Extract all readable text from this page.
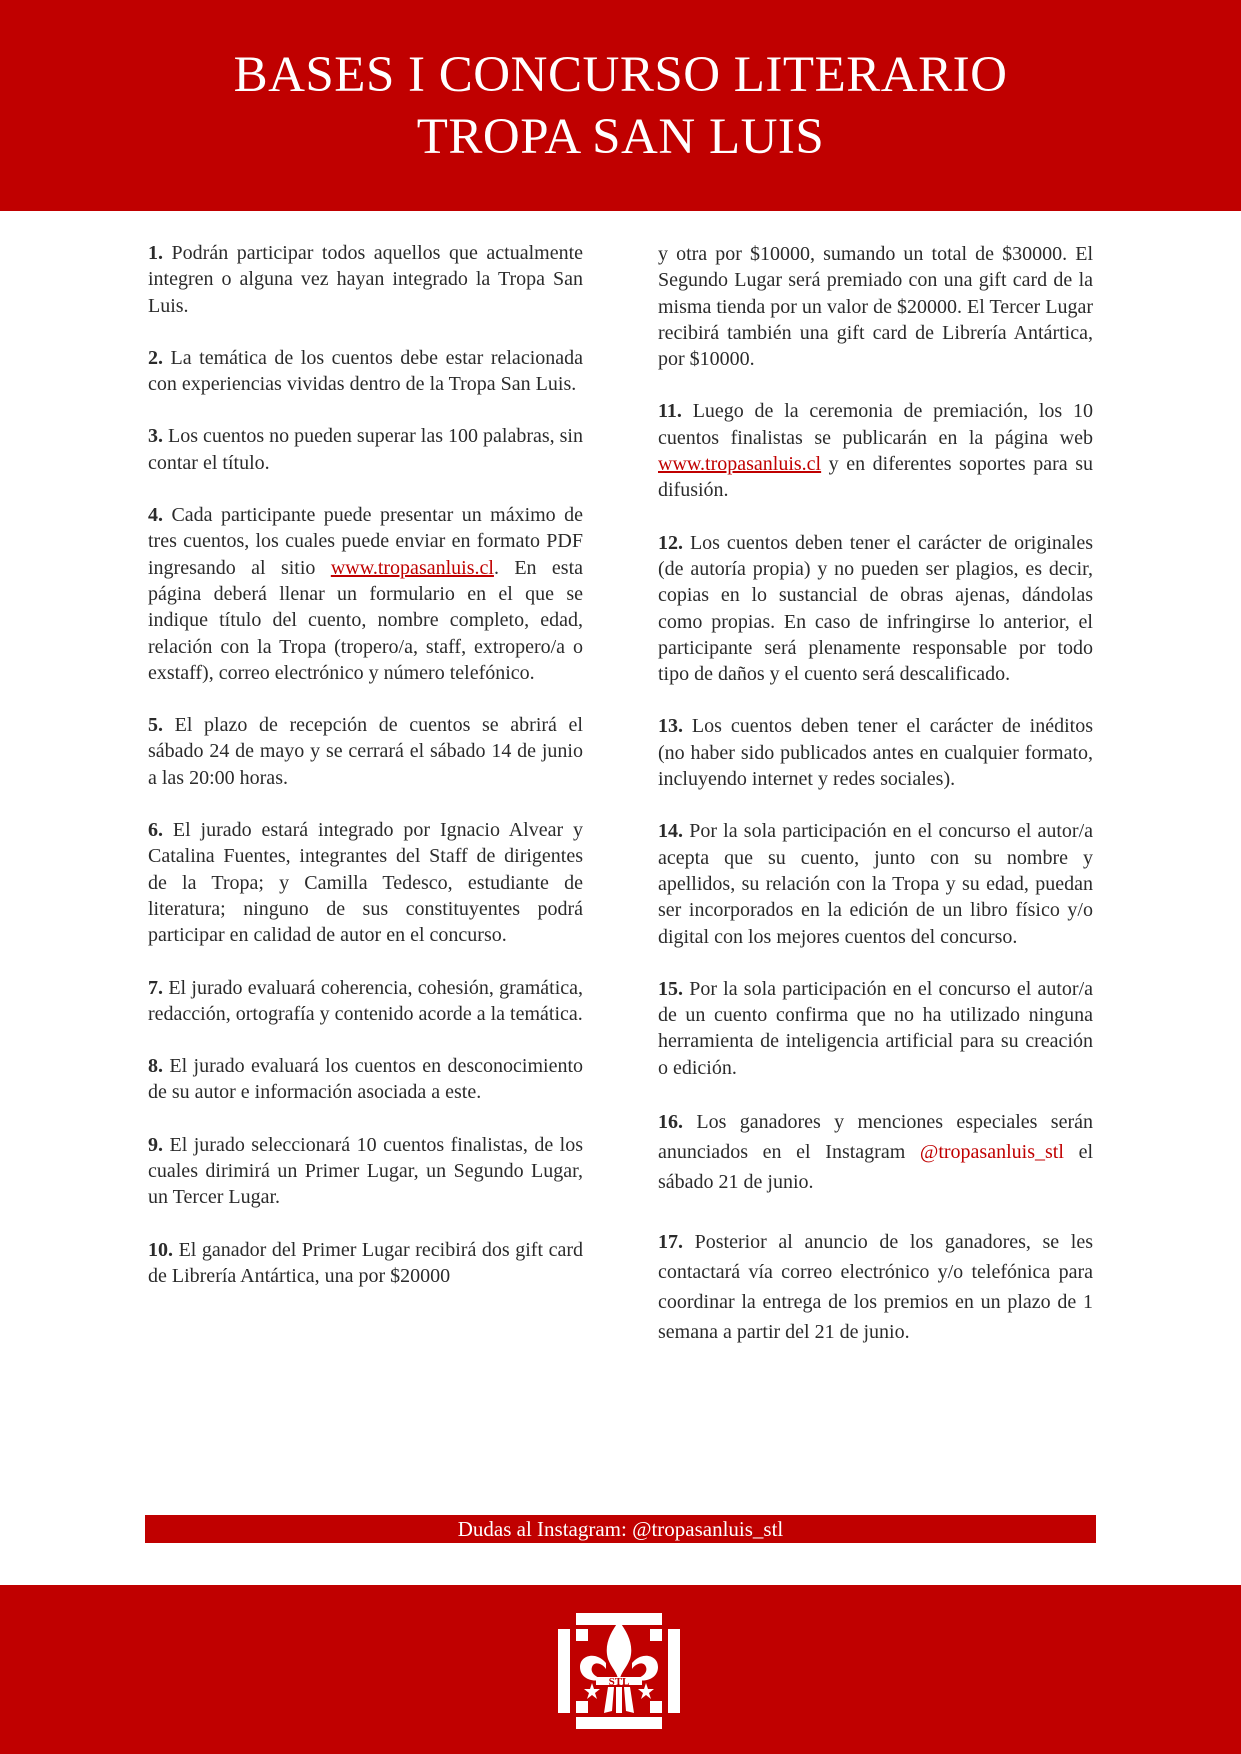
BASES I CONCURSO LITERARIO
TROPA SAN LUIS

1. Podrán participar todos aquellos que actualmente integren o alguna vez hayan integrado la Tropa San Luis.

2. La temática de los cuentos debe estar relacionada con experiencias vividas dentro de la Tropa San Luis.

3. Los cuentos no pueden superar las 100 palabras, sin contar el título.

4. Cada participante puede presentar un máximo de tres cuentos, los cuales puede enviar en formato PDF ingresando al sitio www.tropasanluis.cl. En esta página deberá llenar un formulario en el que se indique título del cuento, nombre completo, edad, relación con la Tropa (tropero/a, staff, extropero/a o exstaff), correo electrónico y número telefónico.

5. El plazo de recepción de cuentos se abrirá el sábado 24 de mayo y se cerrará el sábado 14 de junio a las 20:00 horas.

6. El jurado estará integrado por Ignacio Alvear y Catalina Fuentes, integrantes del Staff de dirigentes de la Tropa; y Camilla Tedesco, estudiante de literatura; ninguno de sus constituyentes podrá participar en calidad de autor en el concurso.

7. El jurado evaluará coherencia, cohesión, gramática, redacción, ortografía y contenido acorde a la temática.

8. El jurado evaluará los cuentos en desconocimiento de su autor e información asociada a este.

9. El jurado seleccionará 10 cuentos finalistas, de los cuales dirimirá un Primer Lugar, un Segundo Lugar, un Tercer Lugar.

10. El ganador del Primer Lugar recibirá dos gift card de Librería Antártica, una por $20000

y otra por $10000, sumando un total de $30000. El Segundo Lugar será premiado con una gift card de la misma tienda por un valor de $20000. El Tercer Lugar recibirá también una gift card de Librería Antártica, por $10000.

11. Luego de la ceremonia de premiación, los 10 cuentos finalistas se publicarán en la página web www.tropasanluis.cl y en diferentes soportes para su difusión.

12. Los cuentos deben tener el carácter de originales (de autoría propia) y no pueden ser plagios, es decir, copias en lo sustancial de obras ajenas, dándolas como propias. En caso de infringirse lo anterior, el participante será plenamente responsable por todo tipo de daños y el cuento será descalificado.

13. Los cuentos deben tener el carácter de inéditos (no haber sido publicados antes en cualquier formato, incluyendo internet y redes sociales).

14. Por la sola participación en el concurso el autor/a acepta que su cuento, junto con su nombre y apellidos, su relación con la Tropa y su edad, puedan ser incorporados en la edición de un libro físico y/o digital con los mejores cuentos del concurso.

15. Por la sola participación en el concurso el autor/a de un cuento confirma que no ha utilizado ninguna herramienta de inteligencia artificial para su creación o edición.

16. Los ganadores y menciones especiales serán anunciados en el Instagram @tropasanluis_stl el sábado 21 de junio.

17. Posterior al anuncio de los ganadores, se les contactará vía correo electrónico y/o telefónica para coordinar la entrega de los premios en un plazo de 1 semana a partir del 21 de junio.

Dudas al Instagram: @tropasanluis_stl
STL
